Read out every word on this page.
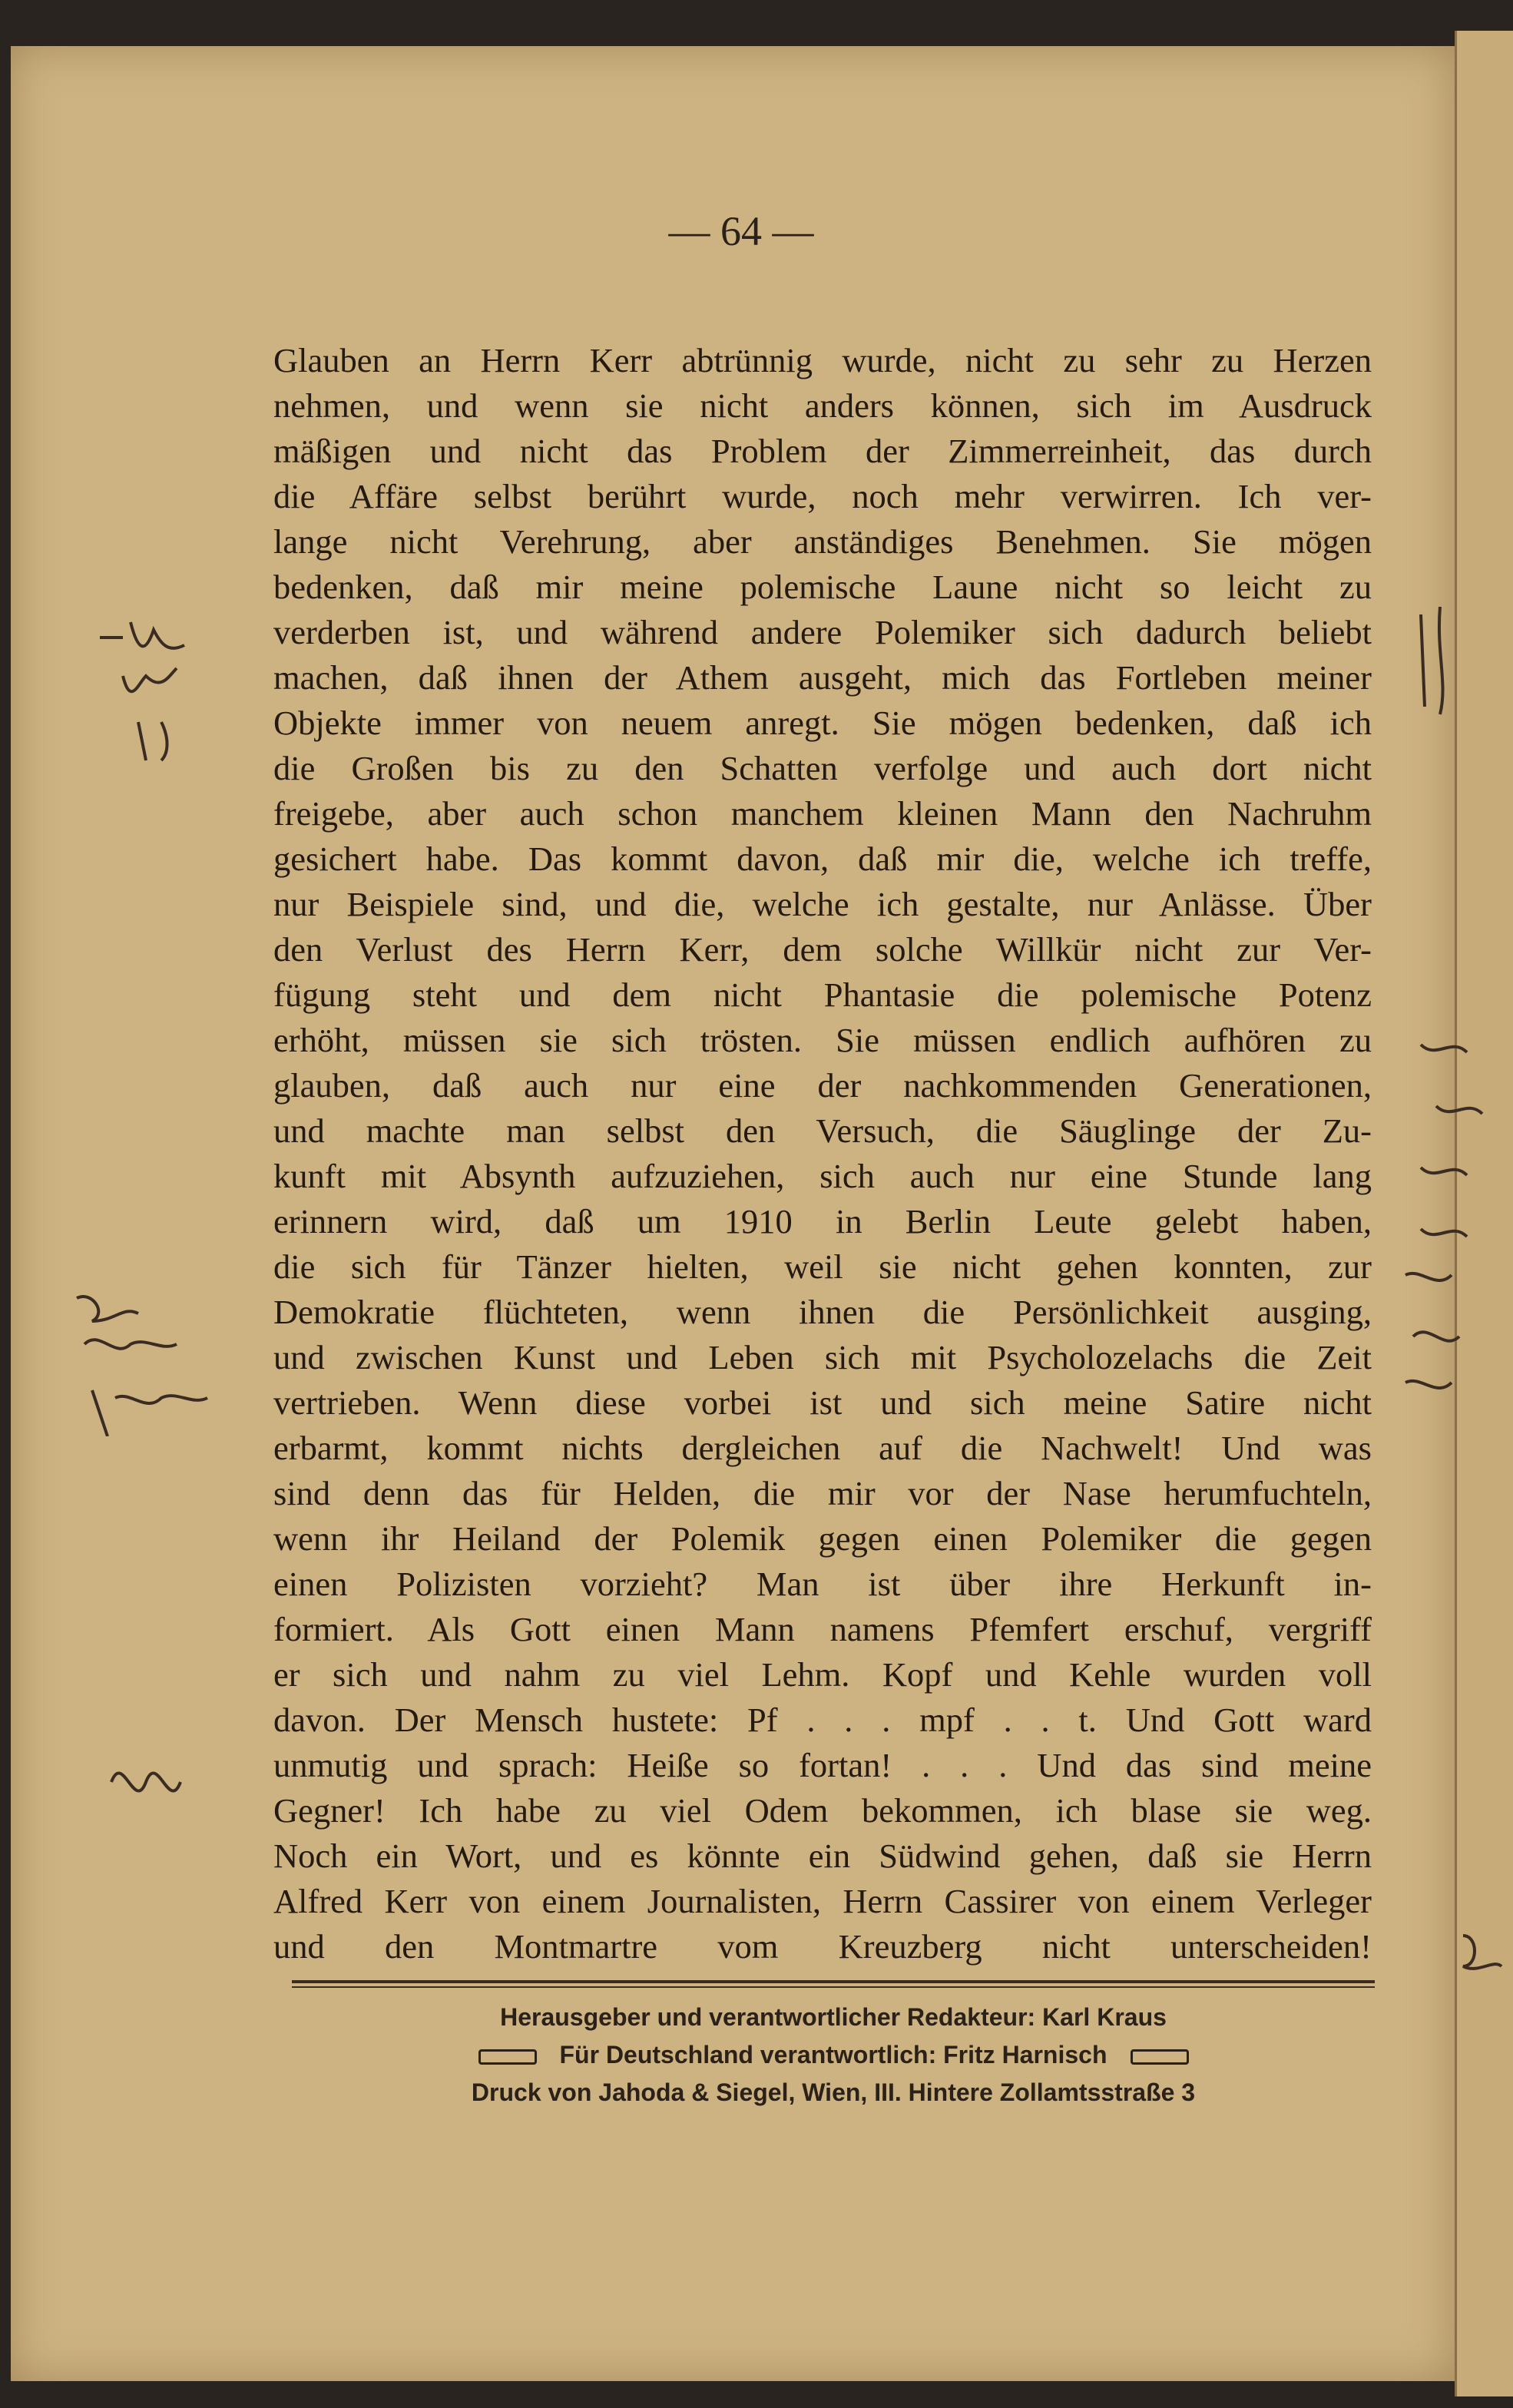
— 64 —
Glauben an Herrn Kerr abtrünnig wurde, nicht zu sehr zu Herzen
nehmen, und wenn sie nicht anders können, sich im Ausdruck
mäßigen und nicht das Problem der Zimmerreinheit, das durch
die Affäre selbst berührt wurde, noch mehr verwirren. Ich ver-
lange nicht Verehrung, aber anständiges Benehmen. Sie mögen
bedenken, daß mir meine polemische Laune nicht so leicht zu
verderben ist, und während andere Polemiker sich dadurch beliebt
machen, daß ihnen der Athem ausgeht, mich das Fortleben meiner
Objekte immer von neuem anregt. Sie mögen bedenken, daß ich
die Großen bis zu den Schatten verfolge und auch dort nicht
freigebe, aber auch schon manchem kleinen Mann den Nachruhm
gesichert habe. Das kommt davon, daß mir die, welche ich treffe,
nur Beispiele sind, und die, welche ich gestalte, nur Anlässe. Über
den Verlust des Herrn Kerr, dem solche Willkür nicht zur Ver-
fügung steht und dem nicht Phantasie die polemische Potenz
erhöht, müssen sie sich trösten. Sie müssen endlich aufhören zu
glauben, daß auch nur eine der nachkommenden Generationen,
und machte man selbst den Versuch, die Säuglinge der Zu-
kunft mit Absynth aufzuziehen, sich auch nur eine Stunde lang
erinnern wird, daß um 1910 in Berlin Leute gelebt haben,
die sich für Tänzer hielten, weil sie nicht gehen konnten, zur
Demokratie flüchteten, wenn ihnen die Persönlichkeit ausging,
und zwischen Kunst und Leben sich mit Psycholozelachs die Zeit
vertrieben. Wenn diese vorbei ist und sich meine Satire nicht
erbarmt, kommt nichts dergleichen auf die Nachwelt! Und was
sind denn das für Helden, die mir vor der Nase herumfuchteln,
wenn ihr Heiland der Polemik gegen einen Polemiker die gegen
einen Polizisten vorzieht? Man ist über ihre Herkunft in-
formiert. Als Gott einen Mann namens Pfemfert erschuf, vergriff
er sich und nahm zu viel Lehm. Kopf und Kehle wurden voll
davon. Der Mensch hustete: Pf . . . mpf . . t. Und Gott ward
unmutig und sprach: Heiße so fortan! . . . Und das sind meine
Gegner! Ich habe zu viel Odem bekommen, ich blase sie weg.
Noch ein Wort, und es könnte ein Südwind gehen, daß sie Herrn
Alfred Kerr von einem Journalisten, Herrn Cassirer von einem Verleger
und den Montmartre vom Kreuzberg nicht unterscheiden!
Herausgeber und verantwortlicher Redakteur: Karl Kraus
Für Deutschland verantwortlich: Fritz Harnisch
Druck von Jahoda & Siegel, Wien, III. Hintere Zollamtsstraße 3
